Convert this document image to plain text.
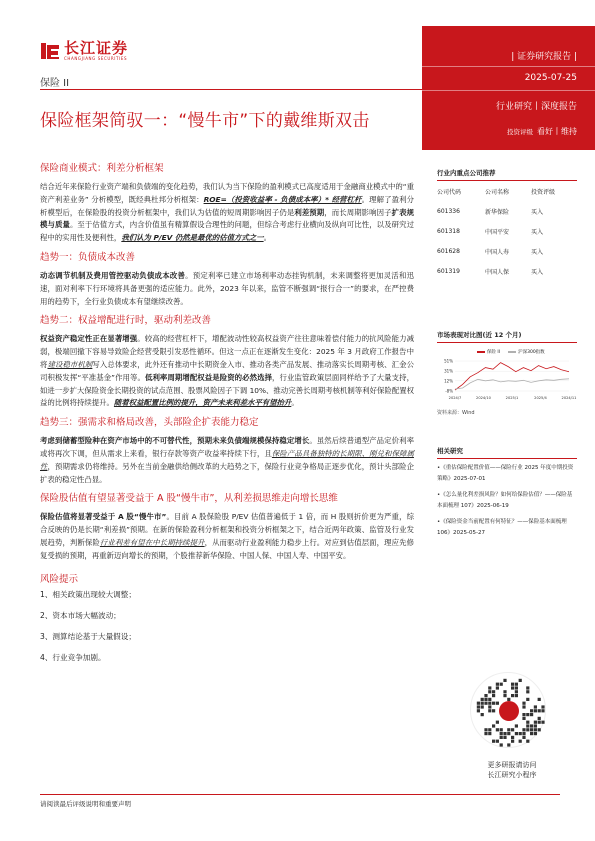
长江证券
CHANGJIANG SECURITIES
保险 II
保险框架简驭一：“慢牛市”下的戴维斯双击
| 证券研究报告 |
2025-07-25
行业研究丨深度报告
投资评级 看好丨维持
保险商业模式：利差分析框架
结合近年来保险行业资产端和负债端的变化趋势，我们认为当下保险的盈利模式已高度适用于金融商业模式中的“重资产利差业务” 分析模型，既经典杜邦分析框架：ROE=（投资收益率 - 负债成本率）* 经营杠杆。理解了盈利分析模型后，在保险股的投资分析框架中，我们认为估值的短周期影响因子仍是利差预期，而长周期影响因子扩表规模与质量。至于估值方式，内含价值虽有精算假设合理性的问题，但综合考虑行业横向及纵向可比性，以及研究过程中的实用性及便利性，我们认为 P/EV 仍然是最优的估值方式之一。
趋势一：负债成本改善
动态调节机制及费用管控驱动负债成本改善。预定利率已建立市场利率动态挂钩机制，未来调整将更加灵活和迅速，面对利率下行环境将具备更强的适应能力。此外，2023 年以来，监管不断强调“报行合一”的要求，在严控费用的趋势下，全行业负债成本有望继续改善。
趋势二：权益增配进行时，驱动利差改善
权益资产稳定性正在显著增强。较高的经营杠杆下，增配波动性较高权益资产往往意味着偿付能力的抗风险能力减弱，极端回撤下容易导致险企经营受限引发恶性循环。但这一点正在逐渐发生变化：2025 年 3 月政府工作报告中将建设稳市机制写入总体要求，此外还有推动中长期资金入市、推动各类产品发展、推动落实长周期考核、汇金公司积极发挥“平准基金”作用等。低利率周期增配权益是险资的必然选择，行业监管政策层面同样给予了大量支持，如进一步扩大保险资金长期投资的试点范围、股票风险因子下调 10%、推动完善长周期考核机制等利好保险配置权益的比例将持续提升。随着权益配置比例的提升，资产未来利差水平有望抬升。
趋势三：强需求和格局改善，头部险企扩表能力稳定
考虑到储蓄型险种在资产市场中的不可替代性，预期未来负债端规模保持稳定增长。虽然后续普通型产品定价利率或将再次下调，但从需求上来看，银行存款等资产收益率持续下行，且保险产品具备独特的长期限、刚兑和保障属性，预期需求仍将维持。另外在当前金融供给侧改革的大趋势之下，保险行业竞争格局正逐步优化，预计头部险企扩表的稳定性凸显。
保险股估值有望显著受益于 A 股“慢牛市”，从利差损思维走向增长思维
保险估值将显著受益于 A 股“慢牛市”。目前 A 股保险股 P/EV 估值普遍低于 1 倍，而 H 股则折价更为严重，综合反映的仍是长期“利差损”预期。在新的保险盈利分析框架和投资分析框架之下，结合近两年政策、监管及行业发展趋势，判断保险行业利差有望在中长期持续提升，从而驱动行业盈利能力稳步上行。对应到估值层面，理应先修复受损的预期，再重新迈向增长的预期，个股推荐新华保险、中国人保、中国人寿、中国平安。
风险提示
1、相关政策出现较大调整；
2、资本市场大幅波动；
3、测算结论基于大量假设；
4、行业竞争加剧。
行业内重点公司推荐
公司代码	公司名称	投资评级
601336	新华保险	买入
601318	中国平安	买入
601628	中国人寿	买入
601319	中国人保	买入
市场表现对比图(近 12 个月)
保险 II	沪深300指数
51%
31%
12%
-8%
2024/7	2024/10	2025/1	2025/4	2024/11
资料来源：Wind
相关研究
•《重估保险配置价值——保险行业 2025 年度中期投资策略》2025-07-01
•《怎么量化利差损风险？如何给保险估值？——保险基本面梳理 107》2025-06-19
•《保险资金当前配置有何特征？——保险基本面梳理 106》2025-05-27
更多研报请访问
长江研究小程序
请阅读最后评级说明和重要声明
